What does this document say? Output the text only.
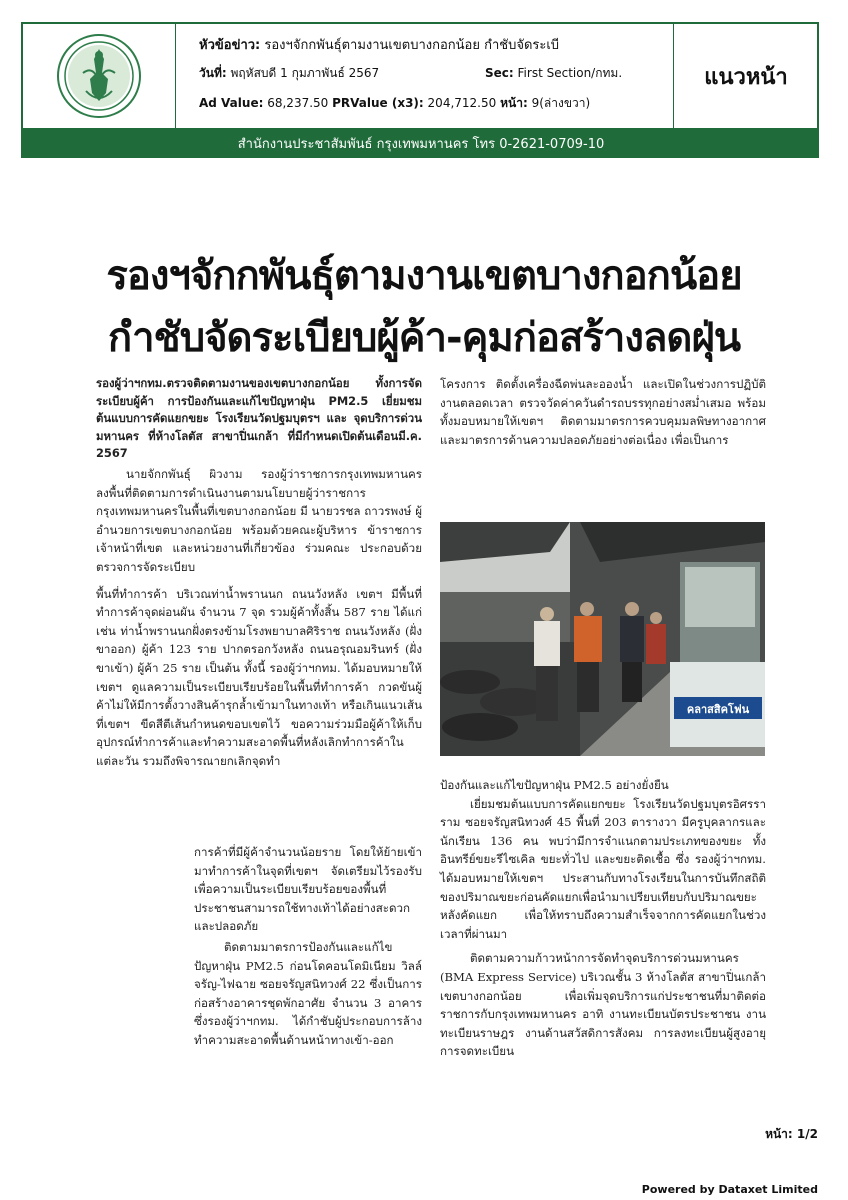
หัวข้อข่าว: รองฯจักกพันธุ์ตามงานเขตบางกอกน้อย กำชับจัดระเบี
วันที่: พฤหัสบดี 1 กุมภาพันธ์ 2567	Sec: First Section/กทม.
Ad Value: 68,237.50 PRValue (x3): 204,712.50 หน้า: 9(ล่างขวา)
แนวหน้า
สำนักงานประชาสัมพันธ์ กรุงเทพมหานคร โทร 0-2621-0709-10
รองฯจักกพันธุ์ตามงานเขตบางกอกน้อย
กำชับจัดระเบียบผู้ค้า-คุมก่อสร้างลดฝุ่น

รองผู้ว่าฯกทม.ตรวจติดตามงานของเขตบางกอกน้อย ทั้งการจัดระเบียบผู้ค้า การป้องกันและแก้ไขปัญหาฝุ่น PM2.5 เยี่ยมชมต้นแบบการคัดแยกขยะ โรงเรียนวัดปฐมบุตรฯ และ จุดบริการด่วนมหานคร ที่ห้างโลตัส สาขาปิ่นเกล้า ที่มีกำหนดเปิดต้นเดือนมี.ค. 2567

นายจักกพันธุ์ ผิวงาม รองผู้ว่าราชการกรุงเทพมหานคร ลงพื้นที่ติดตามการดำเนินงานตามนโยบายผู้ว่าราชการกรุงเทพมหานครในพื้นที่เขตบางกอกน้อย มี นายวรชล ถาวรพงษ์ ผู้อำนวยการเขตบางกอกน้อย พร้อมด้วยคณะผู้บริหาร ข้าราชการ เจ้าหน้าที่เขต และหน่วยงานที่เกี่ยวข้อง ร่วมคณะ ประกอบด้วย ตรวจการจัดระเบียบ

พื้นที่ทำการค้า บริเวณท่าน้ำพรานนก ถนนวังหลัง เขตฯ มีพื้นที่ทำการค้าจุดผ่อนผัน จำนวน 7 จุด รวมผู้ค้าทั้งสิ้น 587 ราย ได้แก่ เช่น ท่าน้ำพรานนกฝั่งตรงข้ามโรงพยาบาลศิริราช ถนนวังหลัง (ฝั่งขาออก) ผู้ค้า 123 ราย ปากตรอกวังหลัง ถนนอรุณอมรินทร์ (ฝั่งขาเข้า) ผู้ค้า 25 ราย เป็นต้น ทั้งนี้ รองผู้ว่าฯกทม. ได้มอบหมายให้เขตฯ ดูแลความเป็นระเบียบเรียบร้อยในพื้นที่ทำการค้า กวดขันผู้ค้าไม่ให้มีการตั้งวางสินค้ารุกล้ำเข้ามาในทางเท้า หรือเกินแนวเส้นที่เขตฯ ขีดสีตีเส้นกำหนดขอบเขตไว้ ขอความร่วมมือผู้ค้าให้เก็บอุปกรณ์ทำการค้าและทำความสะอาดพื้นที่หลังเลิกทำการค้าในแต่ละวัน รวมถึงพิจารณายกเลิกจุดทำ

การค้าที่มีผู้ค้าจำนวนน้อยราย โดยให้ย้ายเข้ามาทำการค้าในจุดที่เขตฯ จัดเตรียมไว้รองรับ เพื่อความเป็นระเบียบเรียบร้อยของพื้นที่ ประชาชนสามารถใช้ทางเท้าได้อย่างสะดวกและปลอดภัย

ติดตามมาตรการป้องกันและแก้ไขปัญหาฝุ่น PM2.5 ก่อนโดคอนโดมิเนียม วิลล์จรัญ-ไฟฉาย ซอยจรัญสนิทวงศ์ 22 ซึ่งเป็นการก่อสร้างอาคารชุดพักอาศัย จำนวน 3 อาคาร ซึ่งรองผู้ว่าฯกทม. ได้กำชับผู้ประกอบการล้างทำความสะอาดพื้นด้านหน้าทางเข้า-ออก

โครงการ ติดตั้งเครื่องฉีดพ่นละอองน้ำ และเปิดในช่วงการปฏิบัติงานตลอดเวลา ตรวจวัดค่าควันดำรถบรรทุกอย่างสม่ำเสมอ พร้อมทั้งมอบหมายให้เขตฯ ติดตามมาตรการควบคุมมลพิษทางอากาศและมาตรการด้านความปลอดภัยอย่างต่อเนื่อง เพื่อเป็นการ

คลาสสิคโฟน

ป้องกันและแก้ไขปัญหาฝุ่น PM2.5 อย่างยั่งยืน

เยี่ยมชมต้นแบบการคัดแยกขยะ โรงเรียนวัดปฐมบุตรอิศรราราม ซอยจรัญสนิทวงศ์ 45 พื้นที่ 203 ตารางวา มีครูบุคลากรและนักเรียน 136 คน พบว่ามีการจำแนกตามประเภทของขยะ ทั้งอินทรีย์ขยะรีไซเคิล ขยะทั่วไป และขยะติดเชื้อ ซึ่ง รองผู้ว่าฯกทม. ได้มอบหมายให้เขตฯ ประสานกับทางโรงเรียนในการบันทึกสถิติของปริมาณขยะก่อนคัดแยกเพื่อนำมาเปรียบเทียบกับปริมาณขยะหลังคัดแยก เพื่อให้ทราบถึงความสำเร็จจากการคัดแยกในช่วงเวลาที่ผ่านมา

ติดตามความก้าวหน้าการจัดทำจุดบริการด่วนมหานคร (BMA Express Service) บริเวณชั้น 3 ห้างโลตัส สาขาปิ่นเกล้า เขตบางกอกน้อย เพื่อเพิ่มจุดบริการแก่ประชาชนที่มาติดต่อราชการกับกรุงเทพมหานคร อาทิ งานทะเบียนบัตรประชาชน งานทะเบียนราษฎร งานด้านสวัสดิการสังคม การลงทะเบียนผู้สูงอายุ การจดทะเบียน

หน้า: 1/2
Powered by Dataxet Limited
